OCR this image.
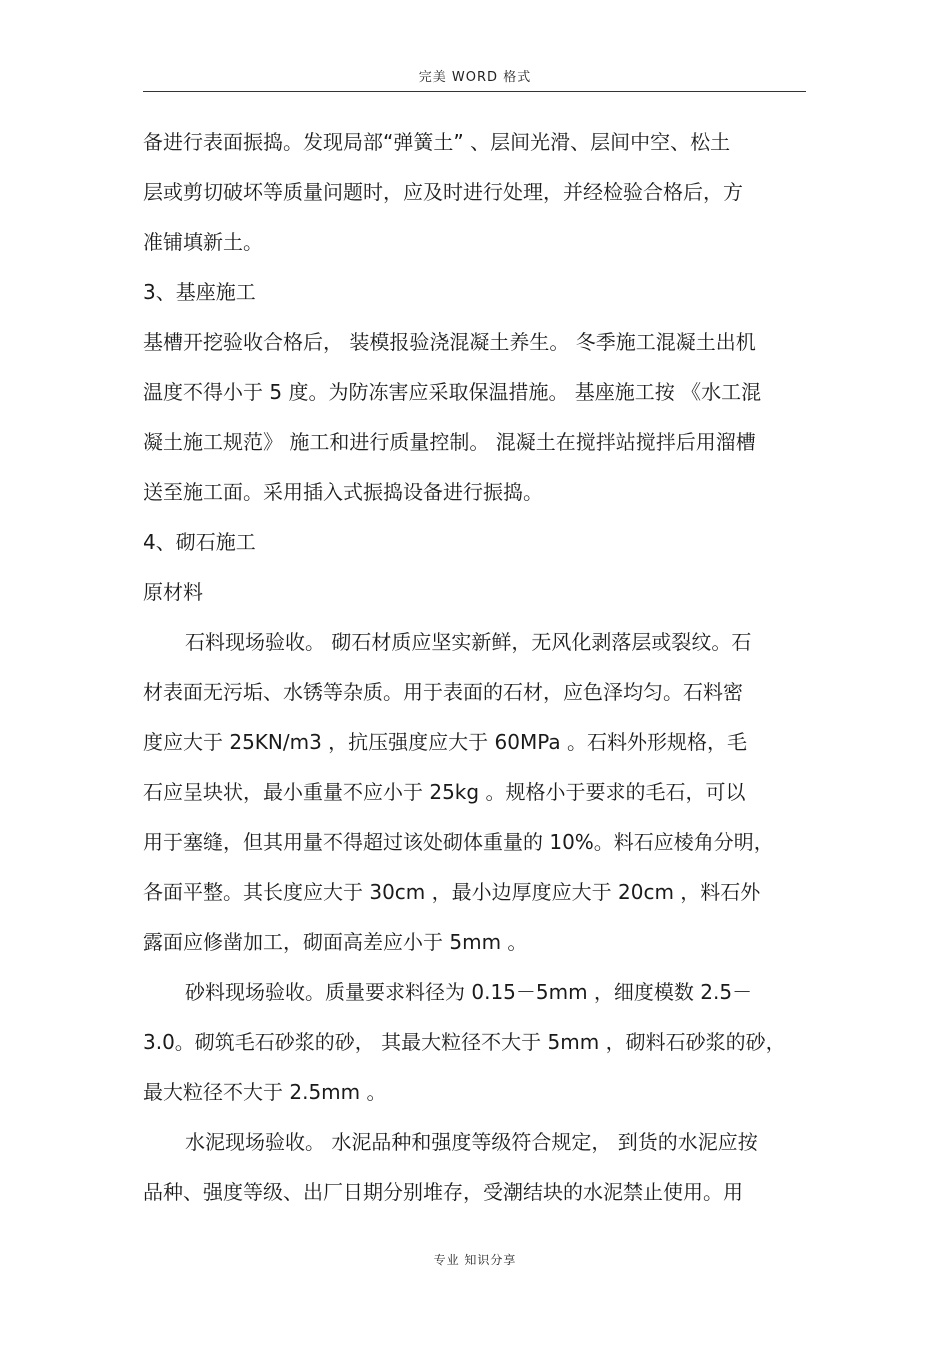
完美 WORD 格式
备进行表面振捣。发现局部“弹簧土” 、层间光滑、层间中空、松土
层或剪切破坏等质量问题时，应及时进行处理，并经检验合格后，方
准铺填新土。
3、基座施工
基槽开挖验收合格后， 装模报验浇混凝土养生。 冬季施工混凝土出机
温度不得小于 5 度。为防冻害应采取保温措施。 基座施工按 《水工混
凝土施工规范》 施工和进行质量控制。 混凝土在搅拌站搅拌后用溜槽
送至施工面。采用插入式振捣设备进行振捣。
4、砌石施工
原材料
石料现场验收。 砌石材质应坚实新鲜，无风化剥落层或裂纹。石
材表面无污垢、水锈等杂质。用于表面的石材，应色泽均匀。石料密
度应大于 25KN/m3 ，抗压强度应大于 60MPa 。石料外形规格，毛
石应呈块状，最小重量不应小于 25kg 。规格小于要求的毛石，可以
用于塞缝，但其用量不得超过该处砌体重量的 10%。料石应棱角分明，
各面平整。其长度应大于 30cm ，最小边厚度应大于 20cm ，料石外
露面应修凿加工，砌面高差应小于 5mm 。
砂料现场验收。质量要求料径为 0.15－5mm ，细度模数 2.5－
3.0。砌筑毛石砂浆的砂， 其最大粒径不大于 5mm ，砌料石砂浆的砂，
最大粒径不大于 2.5mm 。
水泥现场验收。 水泥品种和强度等级符合规定， 到货的水泥应按
品种、强度等级、出厂日期分别堆存，受潮结块的水泥禁止使用。用
专业 知识分享
